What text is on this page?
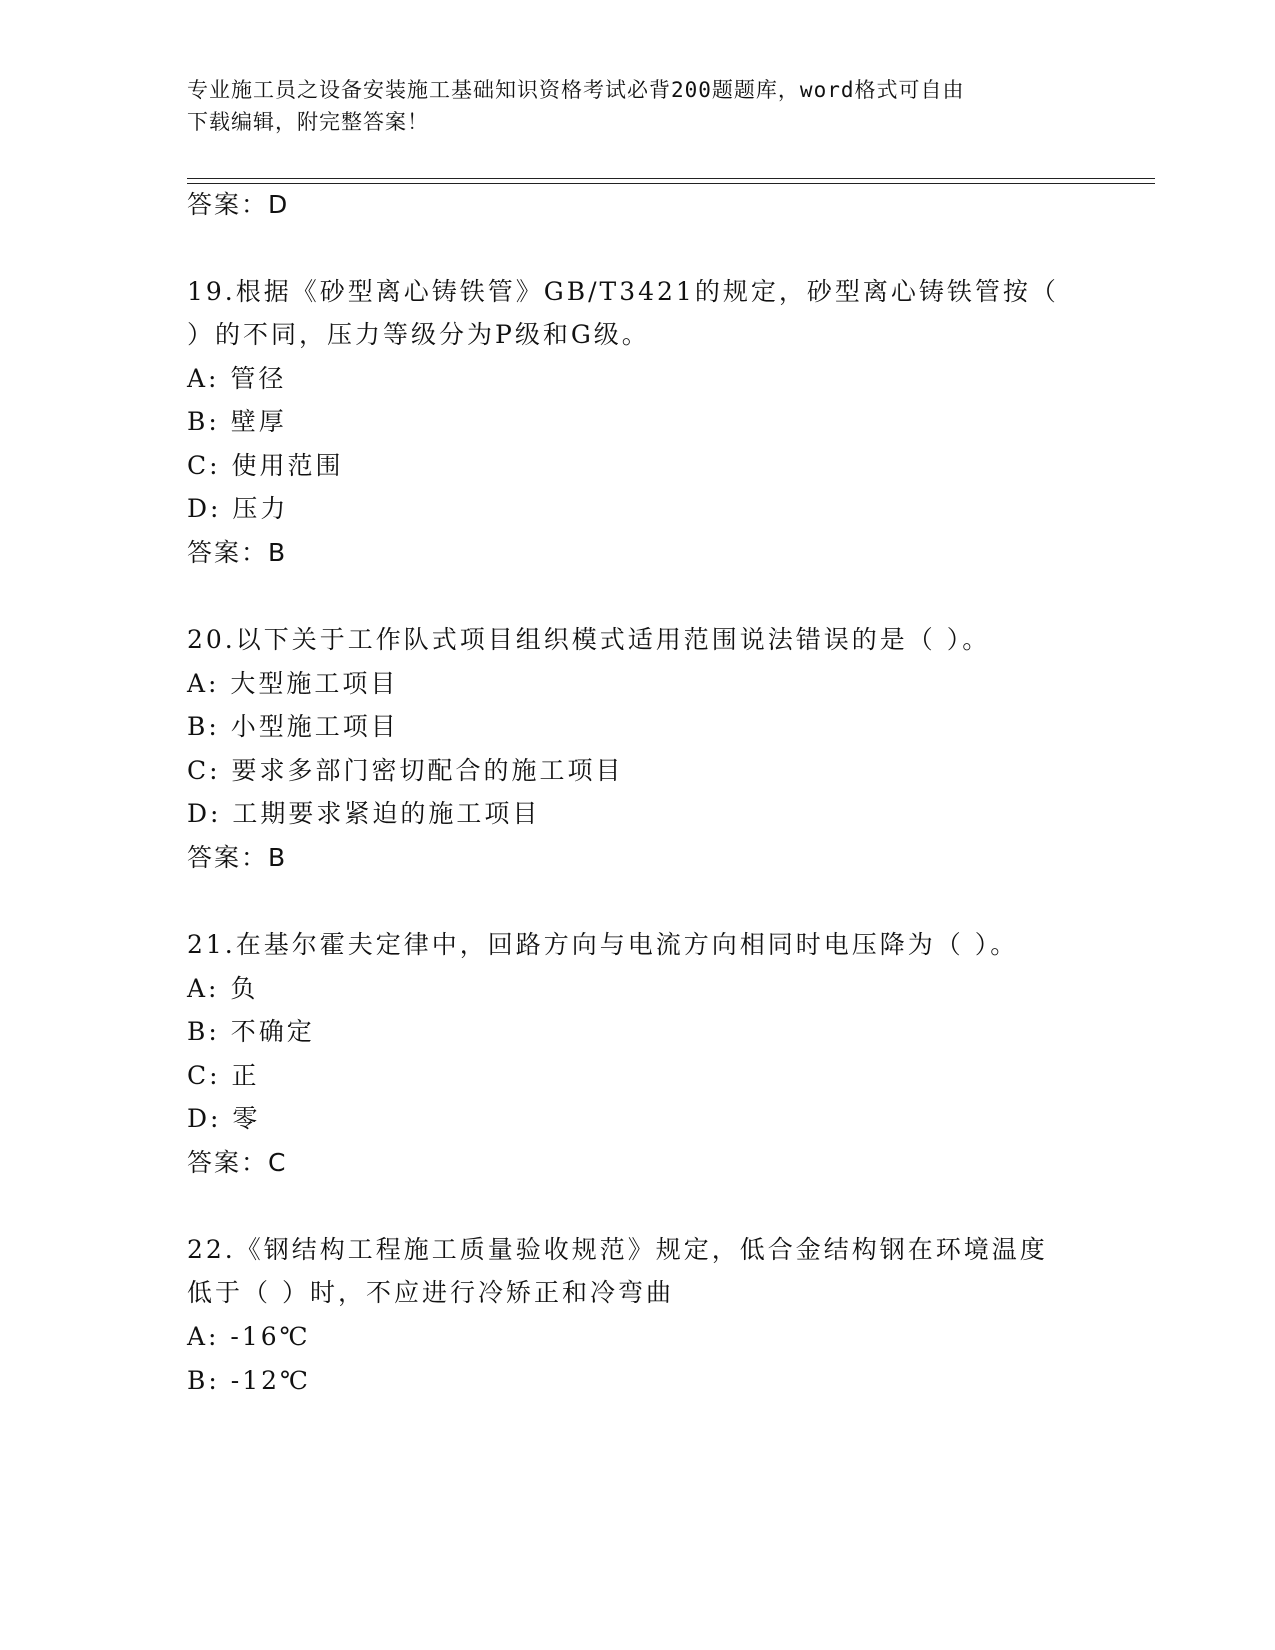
专业施工员之设备安装施工基础知识资格考试必背200题题库，word格式可自由
下载编辑，附完整答案！
答案：D
19.根据《砂型离心铸铁管》GB/T3421的规定，砂型离心铸铁管按（
）的不同，压力等级分为P级和G级。
A: 管径
B: 壁厚
C: 使用范围
D: 压力
答案：B
20.以下关于工作队式项目组织模式适用范围说法错误的是（ ）。
A: 大型施工项目
B: 小型施工项目
C: 要求多部门密切配合的施工项目
D: 工期要求紧迫的施工项目
答案：B
21.在基尔霍夫定律中，回路方向与电流方向相同时电压降为（ ）。
A: 负
B: 不确定
C: 正
D: 零
答案：C
22.《钢结构工程施工质量验收规范》规定，低合金结构钢在环境温度
低于（ ）时，不应进行冷矫正和冷弯曲
A: -16℃
B: -12℃
